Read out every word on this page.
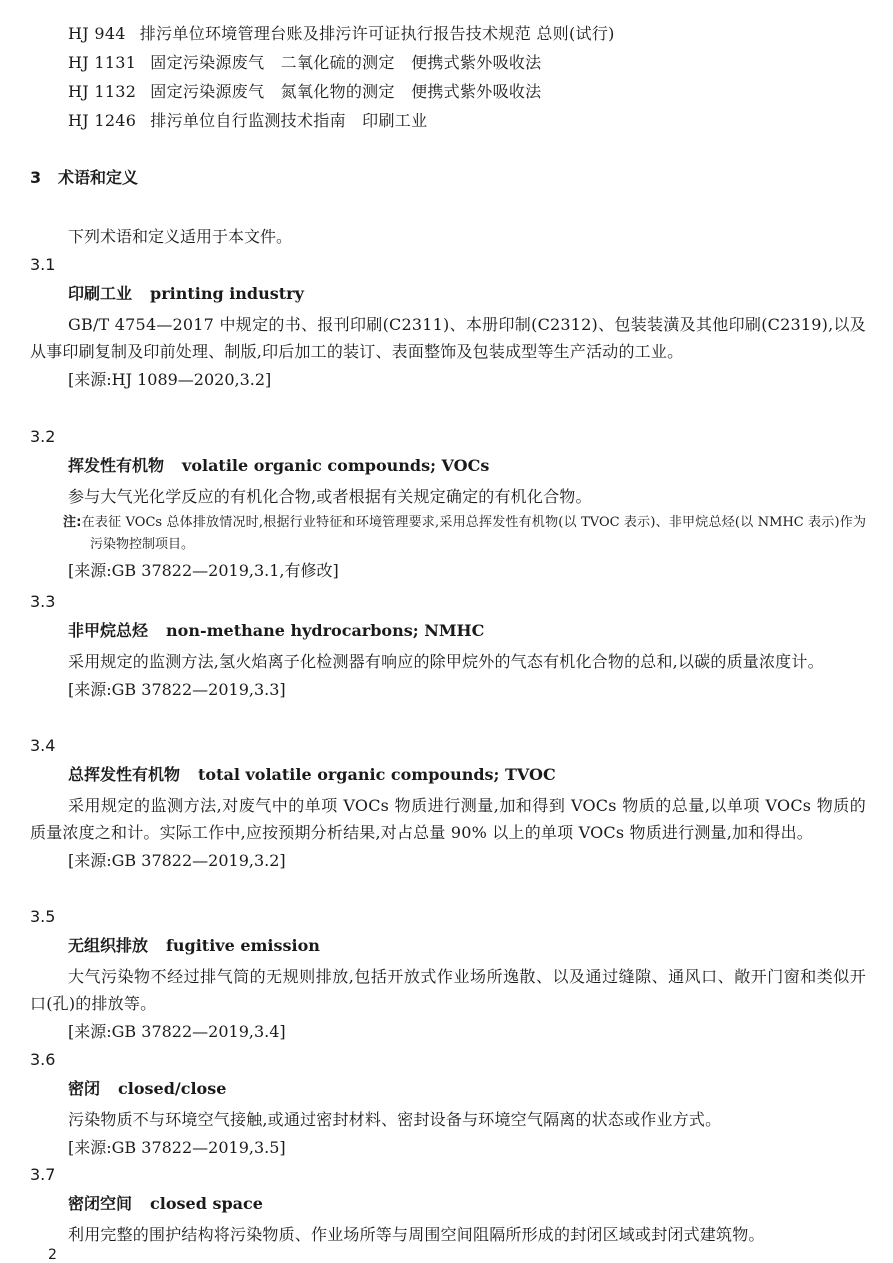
HJ 944 排污单位环境管理台账及排污许可证执行报告技术规范 总则(试行)
HJ 1131 固定污染源废气　二氧化硫的测定　便携式紫外吸收法
HJ 1132 固定污染源废气　氮氧化物的测定　便携式紫外吸收法
HJ 1246 排污单位自行监测技术指南　印刷工业
3 术语和定义
下列术语和定义适用于本文件。
3.1
印刷工业 printing industry
GB/T 4754—2017 中规定的书、报刊印刷(C2311)、本册印制(C2312)、包装装潢及其他印刷(C2319),以及从事印刷复制及印前处理、制版,印后加工的装订、表面整饰及包装成型等生产活动的工业。
[来源:HJ 1089—2020,3.2]
3.2
挥发性有机物 volatile organic compounds; VOCs
参与大气光化学反应的有机化合物,或者根据有关规定确定的有机化合物。
注:在表征 VOCs 总体排放情况时,根据行业特征和环境管理要求,采用总挥发性有机物(以 TVOC 表示)、非甲烷总烃(以 NMHC 表示)作为污染物控制项目。
[来源:GB 37822—2019,3.1,有修改]
3.3
非甲烷总烃 non-methane hydrocarbons; NMHC
采用规定的监测方法,氢火焰离子化检测器有响应的除甲烷外的气态有机化合物的总和,以碳的质量浓度计。
[来源:GB 37822—2019,3.3]
3.4
总挥发性有机物 total volatile organic compounds; TVOC
采用规定的监测方法,对废气中的单项 VOCs 物质进行测量,加和得到 VOCs 物质的总量,以单项 VOCs 物质的质量浓度之和计。实际工作中,应按预期分析结果,对占总量 90% 以上的单项 VOCs 物质进行测量,加和得出。
[来源:GB 37822—2019,3.2]
3.5
无组织排放 fugitive emission
大气污染物不经过排气筒的无规则排放,包括开放式作业场所逸散、以及通过缝隙、通风口、敞开门窗和类似开口(孔)的排放等。
[来源:GB 37822—2019,3.4]
3.6
密闭 closed/close
污染物质不与环境空气接触,或通过密封材料、密封设备与环境空气隔离的状态或作业方式。
[来源:GB 37822—2019,3.5]
3.7
密闭空间 closed space
利用完整的围护结构将污染物质、作业场所等与周围空间阻隔所形成的封闭区域或封闭式建筑物。
2
